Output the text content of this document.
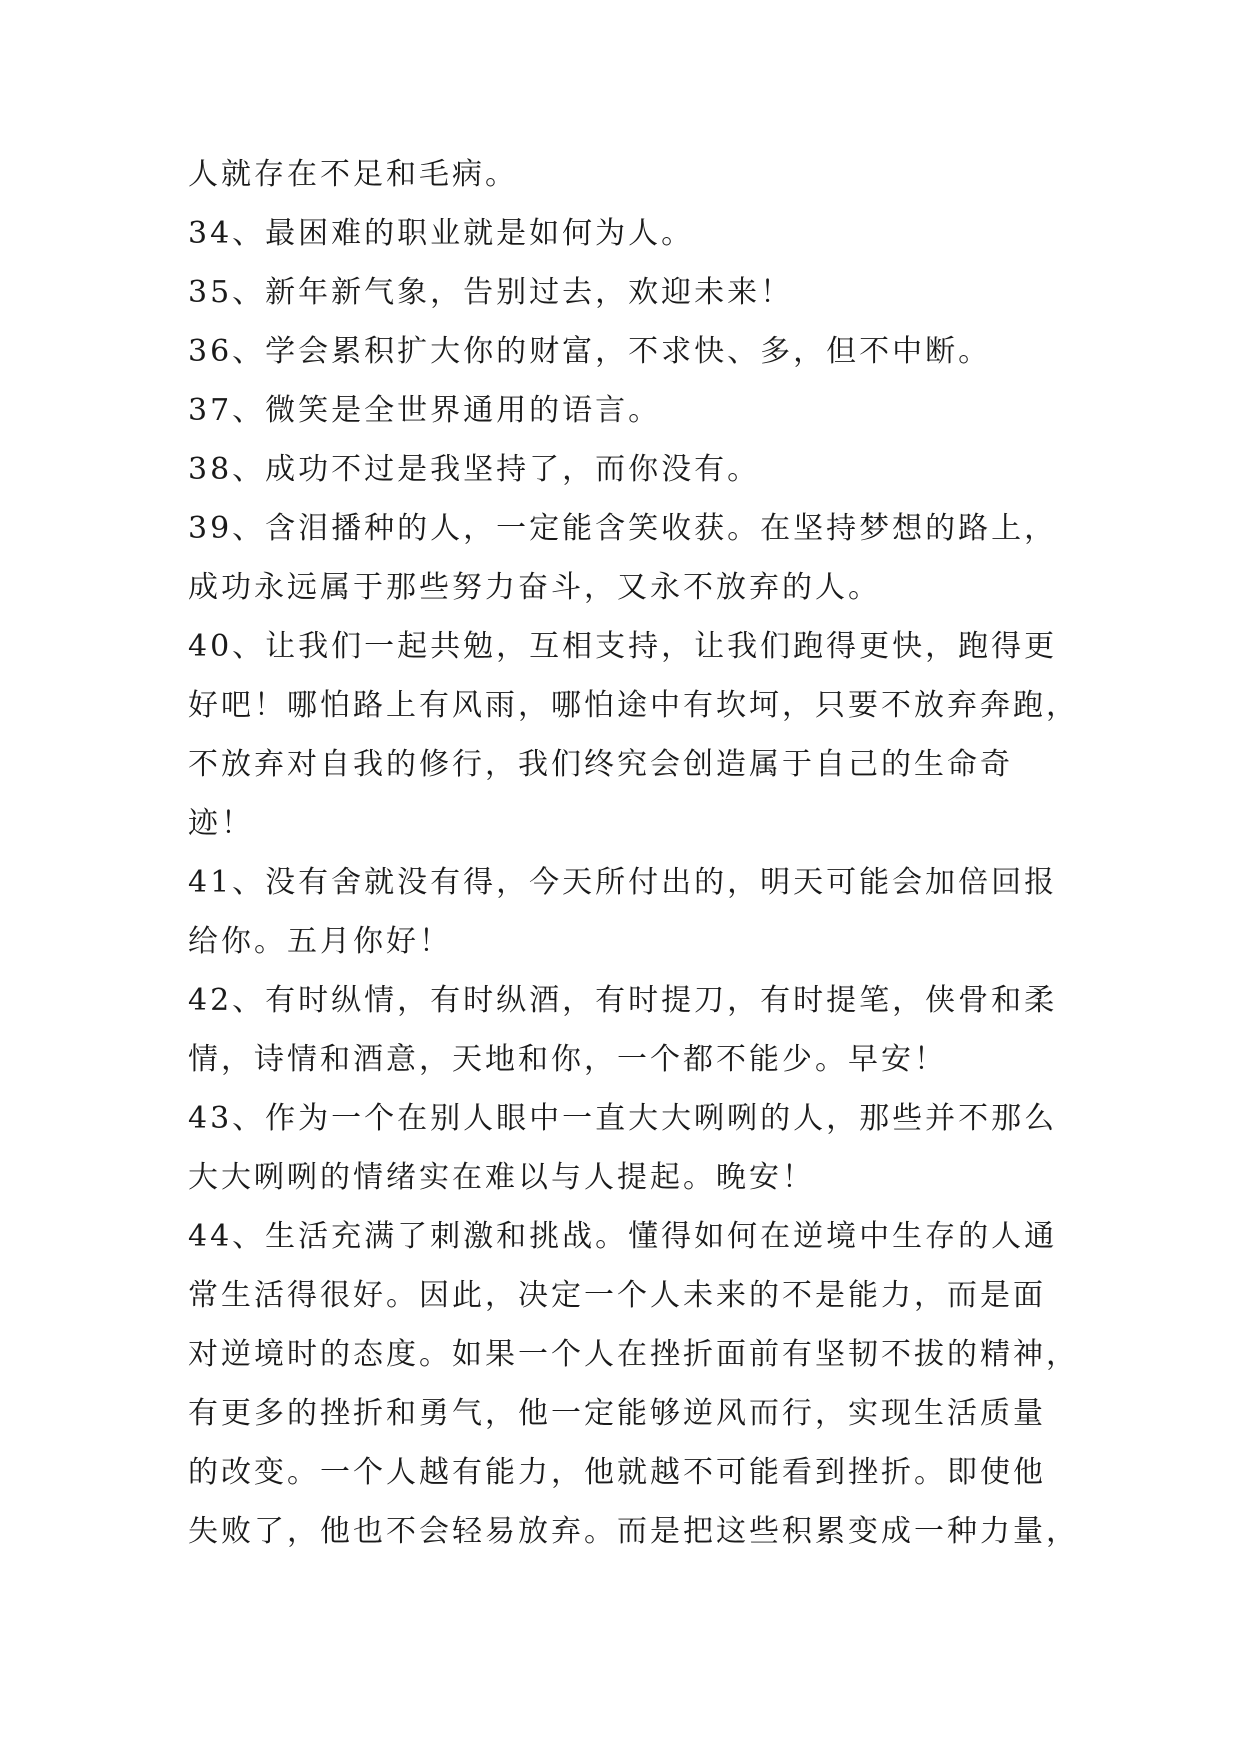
人就存在不足和毛病。
34、最困难的职业就是如何为人。
35、新年新气象，告别过去，欢迎未来！
36、学会累积扩大你的财富，不求快、多，但不中断。
37、微笑是全世界通用的语言。
38、成功不过是我坚持了，而你没有。
39、含泪播种的人，一定能含笑收获。在坚持梦想的路上，
成功永远属于那些努力奋斗，又永不放弃的人。
40、让我们一起共勉，互相支持，让我们跑得更快，跑得更
好吧！哪怕路上有风雨，哪怕途中有坎坷，只要不放弃奔跑，
不放弃对自我的修行，我们终究会创造属于自己的生命奇
迹！
41、没有舍就没有得，今天所付出的，明天可能会加倍回报
给你。五月你好！
42、有时纵情，有时纵酒，有时提刀，有时提笔，侠骨和柔
情，诗情和酒意，天地和你，一个都不能少。早安！
43、作为一个在别人眼中一直大大咧咧的人，那些并不那么
大大咧咧的情绪实在难以与人提起。晚安！
44、生活充满了刺激和挑战。懂得如何在逆境中生存的人通
常生活得很好。因此，决定一个人未来的不是能力，而是面
对逆境时的态度。如果一个人在挫折面前有坚韧不拔的精神，
有更多的挫折和勇气，他一定能够逆风而行，实现生活质量
的改变。一个人越有能力，他就越不可能看到挫折。即使他
失败了，他也不会轻易放弃。而是把这些积累变成一种力量，
